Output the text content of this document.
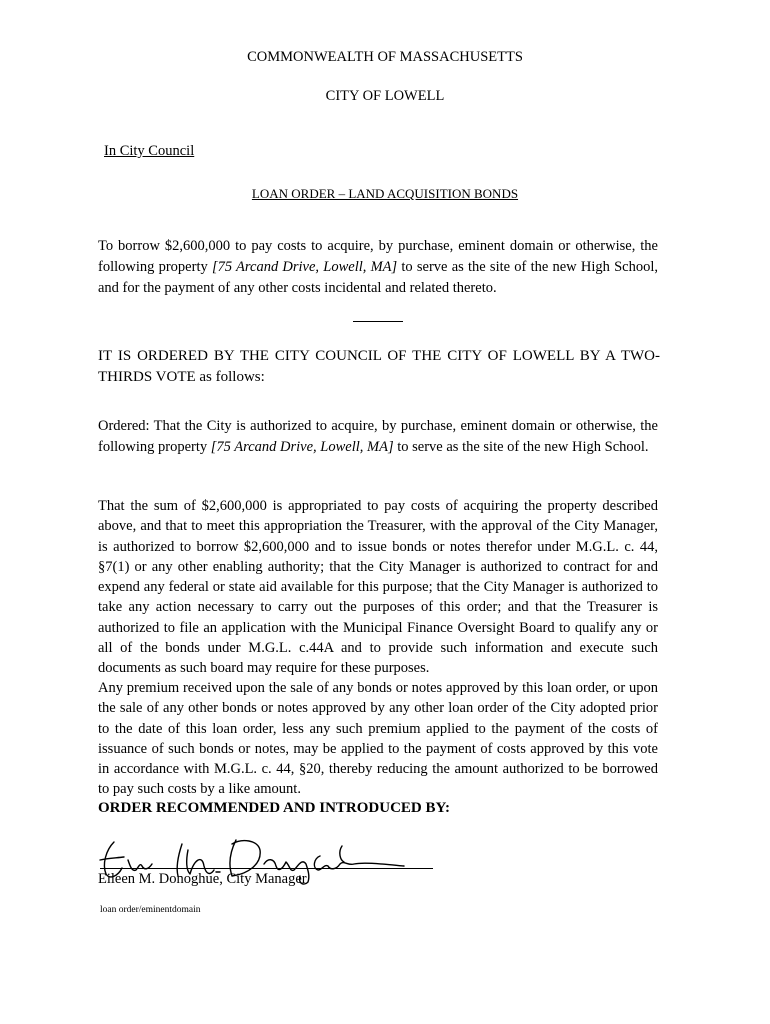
COMMONWEALTH OF MASSACHUSETTS
CITY OF LOWELL
In City Council
LOAN ORDER – LAND ACQUISITION BONDS

To borrow $2,600,000 to pay costs to acquire, by purchase, eminent domain or otherwise, the following property [75 Arcand Drive, Lowell, MA] to serve as the site of the new High School, and for the payment of any other costs incidental and related thereto.

IT IS ORDERED BY THE CITY COUNCIL OF THE CITY OF LOWELL BY A TWO-THIRDS VOTE as follows:

Ordered: That the City is authorized to acquire, by purchase, eminent domain or otherwise, the following property [75 Arcand Drive, Lowell, MA] to serve as the site of the new High School.

That the sum of $2,600,000 is appropriated to pay costs of acquiring the property described above, and that to meet this appropriation the Treasurer, with the approval of the City Manager, is authorized to borrow $2,600,000 and to issue bonds or notes therefor under M.G.L. c. 44, §7(1) or any other enabling authority; that the City Manager is authorized to contract for and expend any federal or state aid available for this purpose; that the City Manager is authorized to take any action necessary to carry out the purposes of this order; and that the Treasurer is authorized to file an application with the Municipal Finance Oversight Board to qualify any or all of the bonds under M.G.L. c.44A and to provide such information and execute such documents as such board may require for these purposes.

Any premium received upon the sale of any bonds or notes approved by this loan order, or upon the sale of any other bonds or notes approved by any other loan order of the City adopted prior to the date of this loan order, less any such premium applied to the payment of the costs of issuance of such bonds or notes, may be applied to the payment of costs approved by this vote in accordance with M.G.L. c. 44, §20, thereby reducing the amount authorized to be borrowed to pay such costs by a like amount.

ORDER RECOMMENDED AND INTRODUCED BY:
Eileen M. Donoghue, City Manager
loan order/eminentdomain
